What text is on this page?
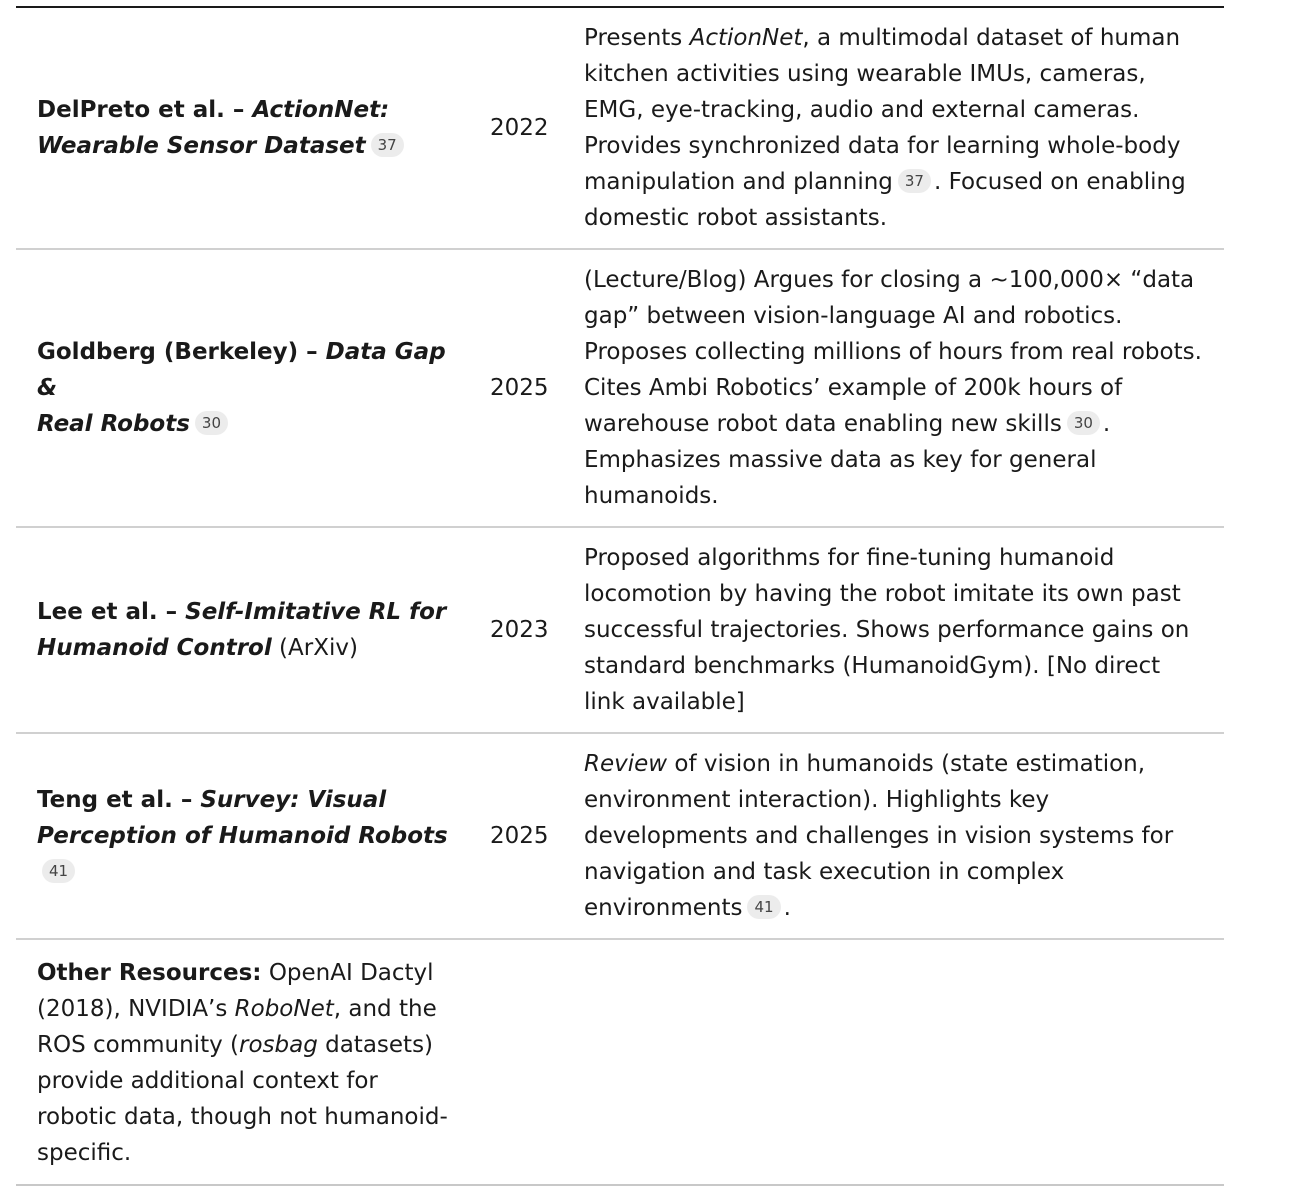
DelPreto et al. – ActionNet:
Wearable Sensor Dataset 37	2022	Presents ActionNet, a multimodal dataset of human kitchen activities using wearable IMUs, cameras, EMG, eye-tracking, audio and external cameras. Provides synchronized data for learning whole-body manipulation and planning 37 . Focused on enabling domestic robot assistants.
Goldberg (Berkeley) – Data Gap &
Real Robots 30	2025	(Lecture/Blog) Argues for closing a ~100,000× “data gap” between vision-language AI and robotics. Proposes collecting millions of hours from real robots. Cites Ambi Robotics’ example of 200k hours of warehouse robot data enabling new skills 30 . Emphasizes massive data as key for general humanoids.
Lee et al. – Self-Imitative RL for
Humanoid Control (ArXiv)	2023	Proposed algorithms for fine-tuning humanoid locomotion by having the robot imitate its own past successful trajectories. Shows performance gains on standard benchmarks (HumanoidGym). [No direct link available]
Teng et al. – Survey: Visual
Perception of Humanoid Robots41	2025	Review of vision in humanoids (state estimation, environment interaction). Highlights key developments and challenges in vision systems for navigation and task execution in complex environments 41 .
Other Resources: OpenAI Dactyl (2018), NVIDIA’s RoboNet, and the ROS community (rosbag datasets) provide additional context for robotic data, though not humanoid-specific.		
